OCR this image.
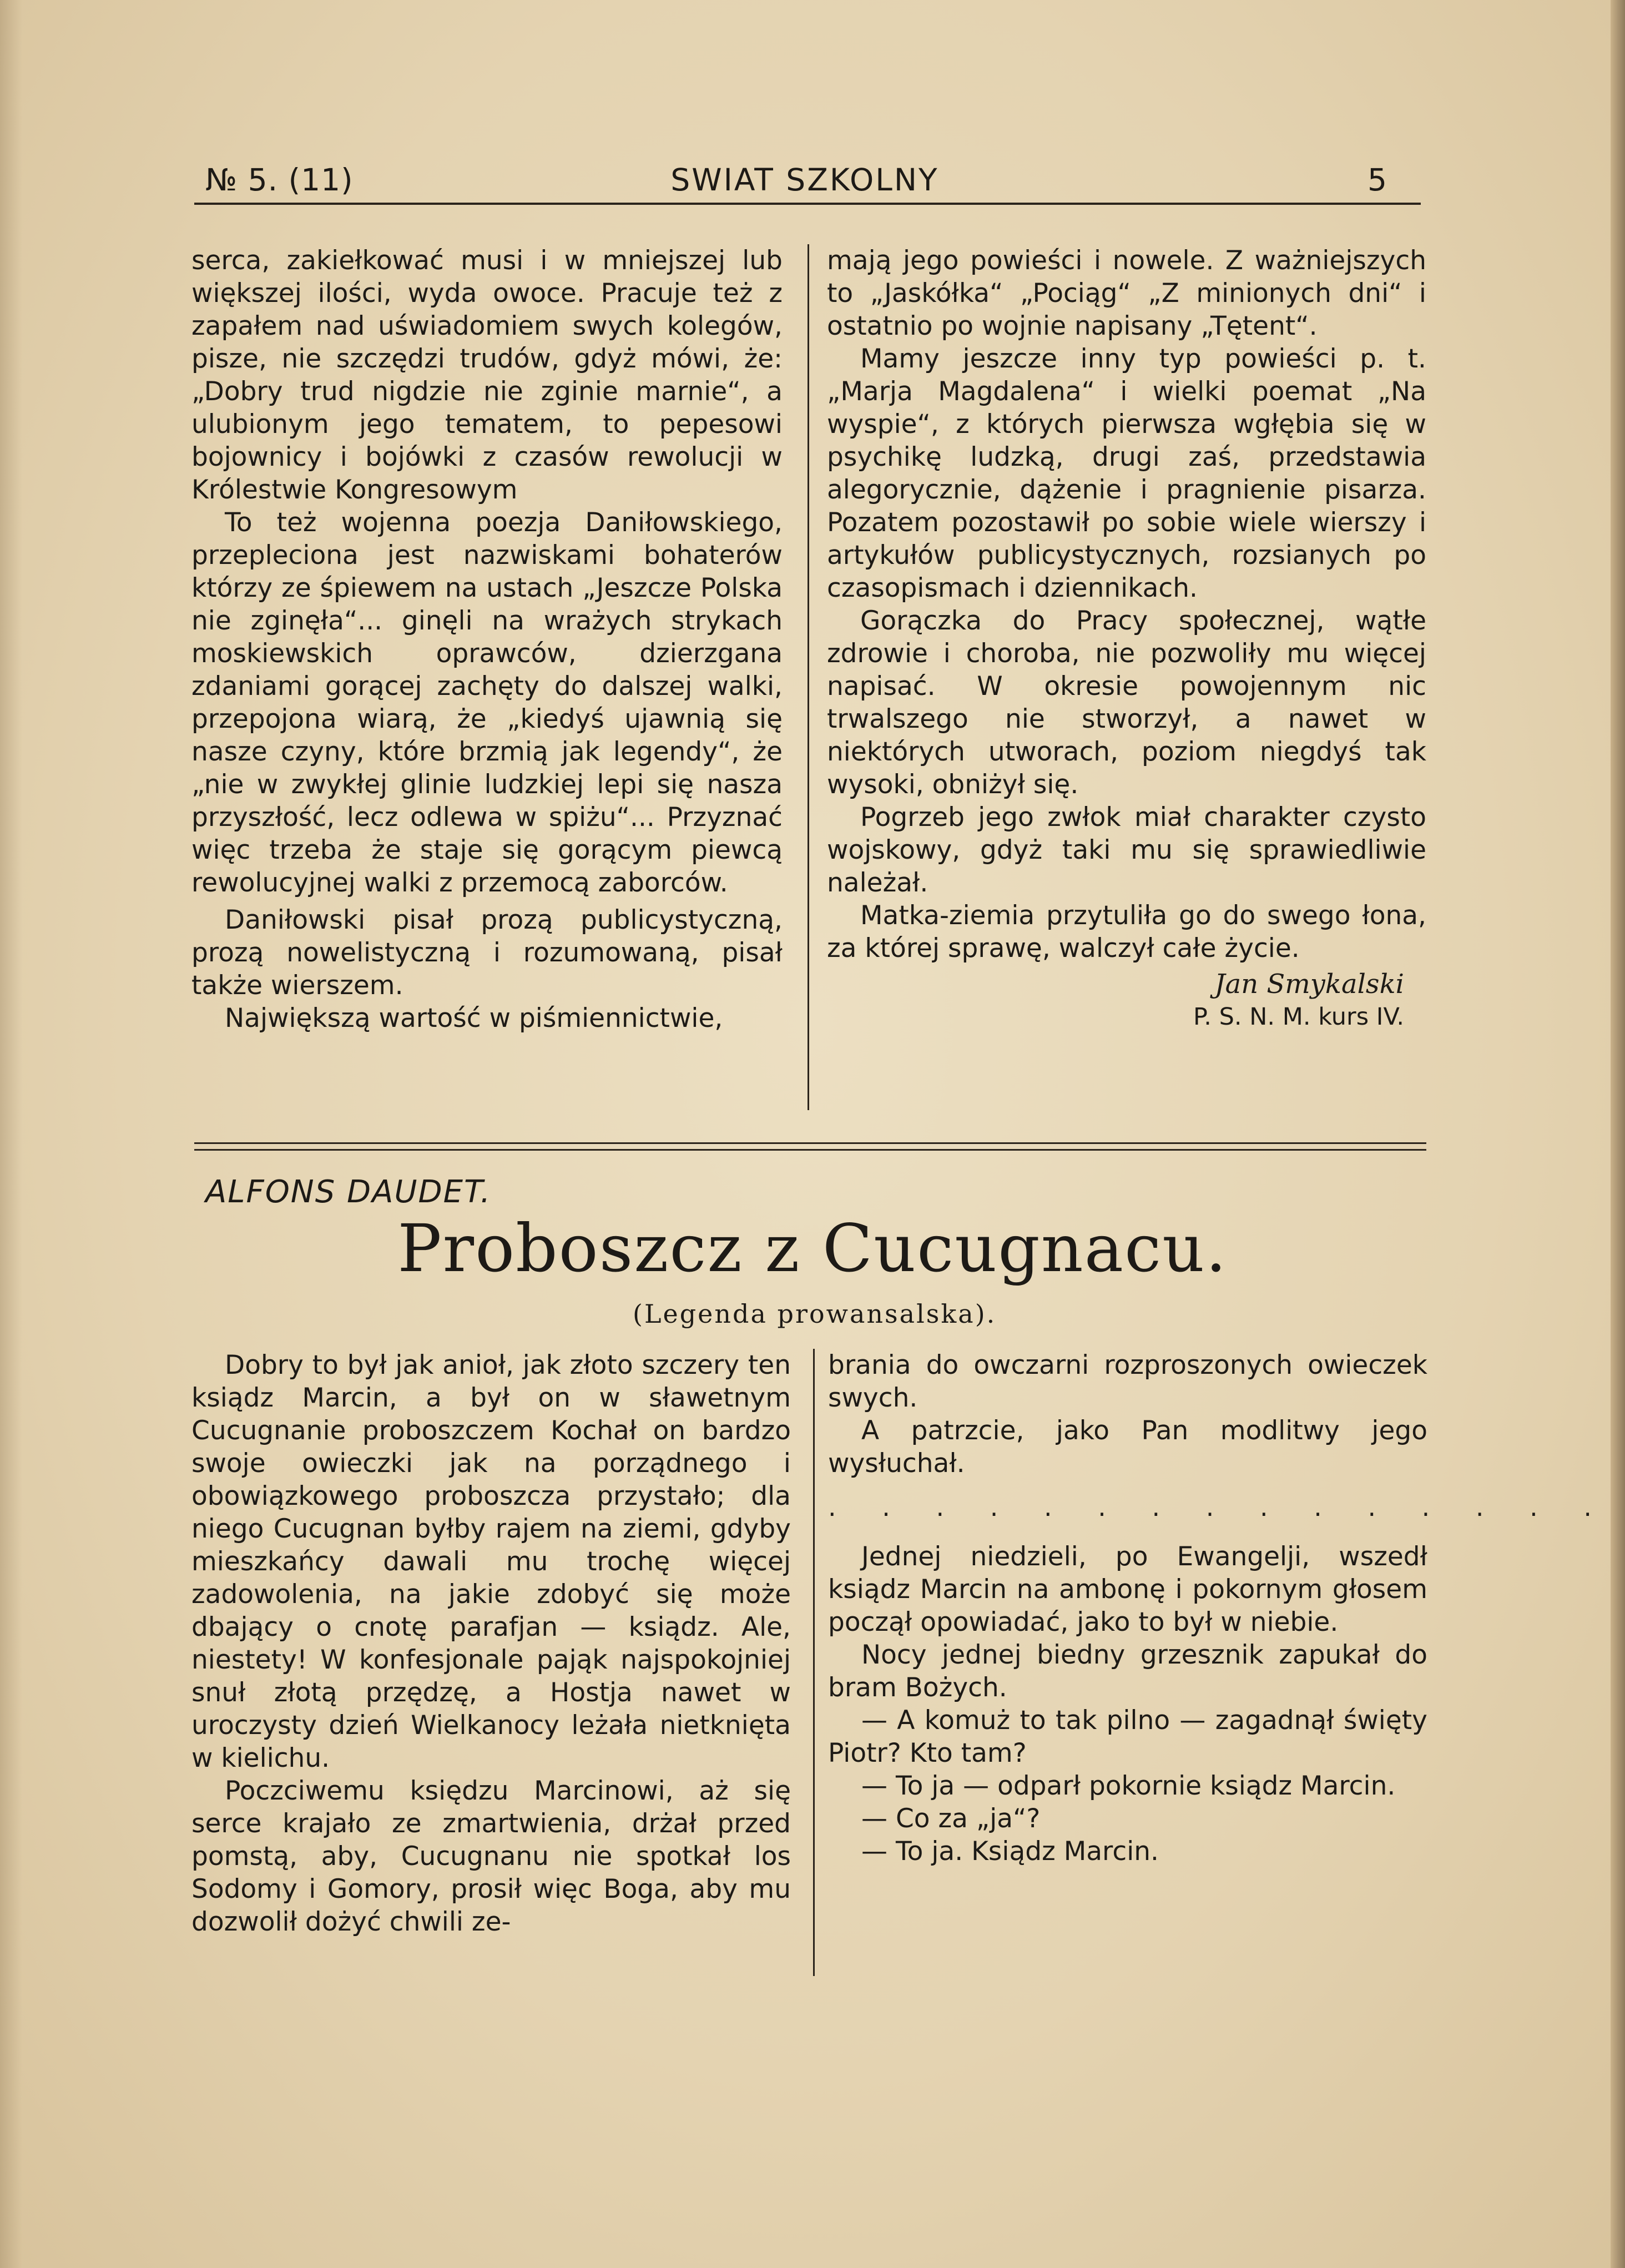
№ 5. (11)	SWIAT SZKOLNY	5

serca, zakiełkować musi i w mniejszej lub większej ilości, wyda owoce. Pracuje też z zapałem nad uświadomiem swych kolegów, pisze, nie szczędzi trudów, gdyż mówi, że: „Dobry trud nigdzie nie zginie marnie“, a ulubionym jego tematem, to pepesowi bojownicy i bojówki z czasów rewolucji w Królestwie Kongresowym

To też wojenna poezja Daniłowskiego, przepleciona jest nazwiskami bohaterów którzy ze śpiewem na ustach „Jeszcze Polska nie zginęła“... ginęli na wrażych strykach moskiewskich oprawców, dzierzgana zdaniami gorącej zachęty do dalszej walki, przepojona wiarą, że „kiedyś ujawnią się nasze czyny, które brzmią jak legendy“, że „nie w zwykłej glinie ludzkiej lepi się nasza przyszłość, lecz odlewa w spiżu“... Przyznać więc trzeba że staje się gorącym piewcą rewolucyjnej walki z przemocą zaborców.

Daniłowski pisał prozą publicystyczną, prozą nowelistyczną i rozumowaną, pisał także wierszem.

Największą wartość w piśmiennictwie,

mają jego powieści i nowele. Z ważniejszych to „Jaskółka“ „Pociąg“ „Z minionych dni“ i ostatnio po wojnie napisany „Tętent“.

Mamy jeszcze inny typ powieści p. t. „Marja Magdalena“ i wielki poemat „Na wyspie“, z których pierwsza wgłębia się w psychikę ludzką, drugi zaś, przedstawia alegorycznie, dążenie i pragnienie pisarza. Pozatem pozostawił po sobie wiele wierszy i artykułów publicystycznych, rozsianych po czasopismach i dziennikach.

Gorączka do Pracy społecznej, wątłe zdrowie i choroba, nie pozwoliły mu więcej napisać. W okresie powojennym nic trwalszego nie stworzył, a nawet w niektórych utworach, poziom niegdyś tak wysoki, obniżył się.

Pogrzeb jego zwłok miał charakter czysto wojskowy, gdyż taki mu się sprawiedliwie należał.

Matka-ziemia przytuliła go do swego łona, za której sprawę, walczył całe życie.

Jan Smykalski
P. S. N. M. kurs IV.
ALFONS DAUDET.
Proboszcz z Cucugnacu.
(Legenda prowansalska).

Dobry to był jak anioł, jak złoto szczery ten ksiądz Marcin, a był on w sławetnym Cucugnanie proboszczem Kochał on bardzo swoje owieczki jak na porządnego i obowiązkowego proboszcza przystało; dla niego Cucugnan byłby rajem na ziemi, gdyby mieszkańcy dawali mu trochę więcej zadowolenia, na jakie zdobyć się może dbający o cnotę parafjan — ksiądz. Ale, niestety! W konfesjonale pająk najspokojniej snuł złotą przędzę, a Hostja nawet w uroczysty dzień Wielkanocy leżała nietknięta w kielichu.

Poczciwemu księdzu Marcinowi, aż się serce krajało ze zmartwienia, drżał przed pomstą, aby, Cucugnanu nie spotkał los Sodomy i Gomory, prosił więc Boga, aby mu dozwolił dożyć chwili ze-

brania do owczarni rozproszonych owieczek swych.

A patrzcie, jako Pan modlitwy jego wysłuchał.

. . . . . . . . . . . . . . .

Jednej niedzieli, po Ewangelji, wszedł ksiądz Marcin na ambonę i pokornym głosem począł opowiadać, jako to był w niebie.

Nocy jednej biedny grzesznik zapukał do bram Bożych.

— A komuż to tak pilno — zagadnął święty Piotr? Kto tam?

— To ja — odparł pokornie ksiądz Marcin.

— Co za „ja“?

— To ja. Ksiądz Marcin.
